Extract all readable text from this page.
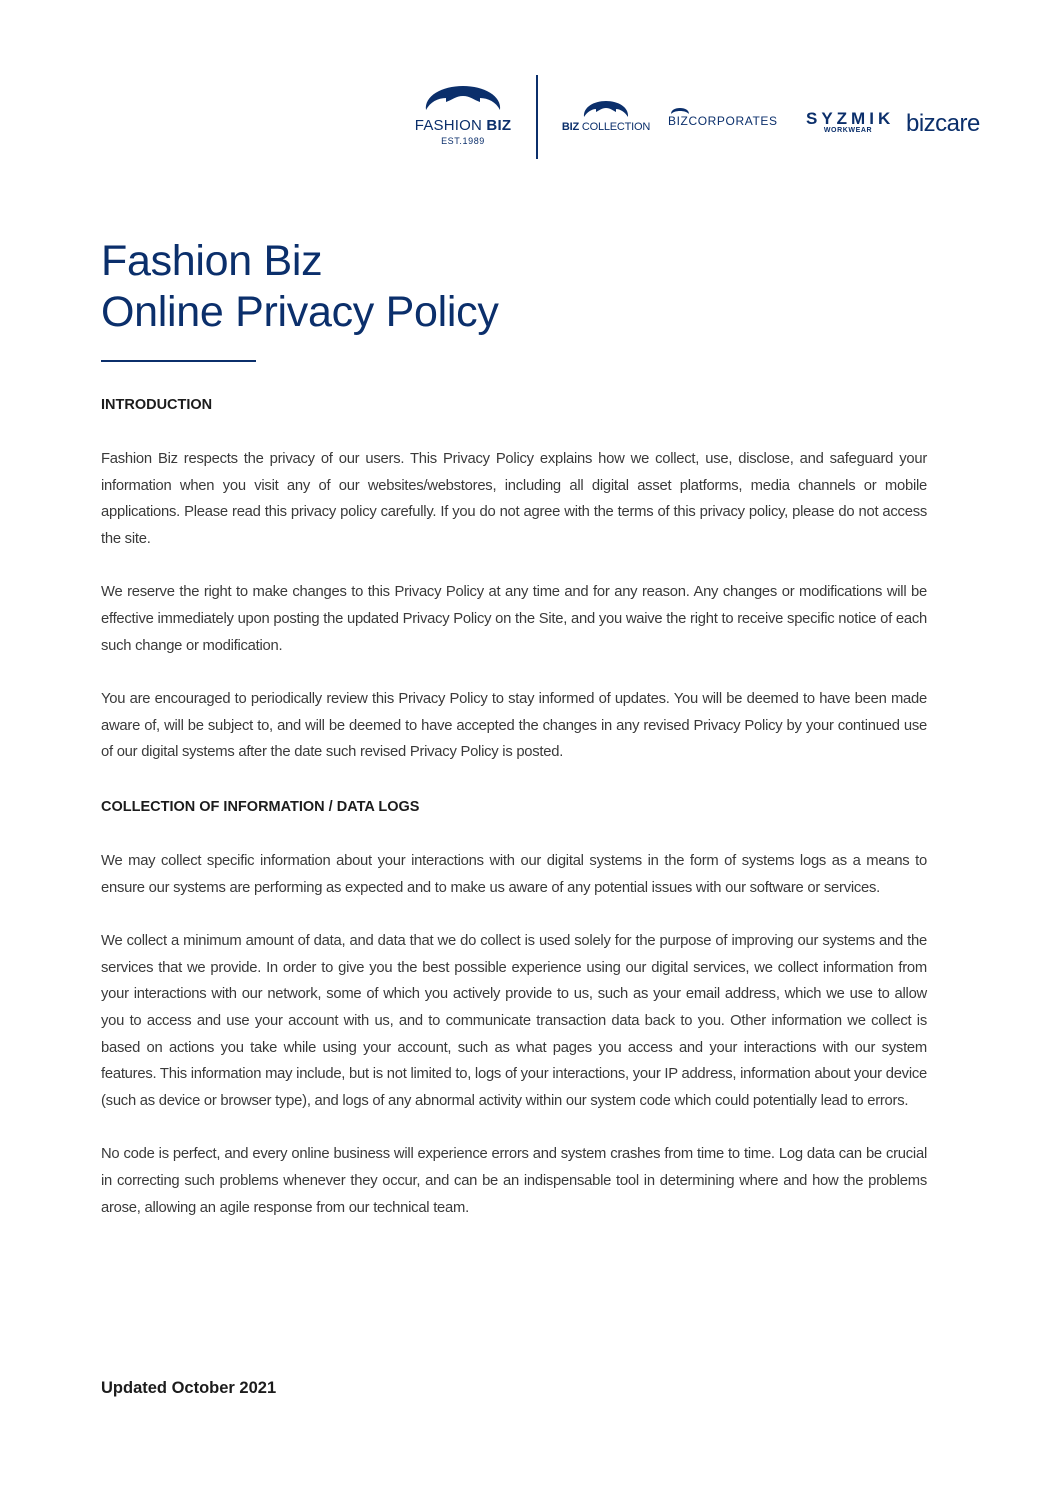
FASHION BIZ
EST.1989
BIZ COLLECTION BIZCORPORATES SYZMIK
WORKWEAR	bizcare
Fashion Biz
Online Privacy Policy
INTRODUCTION

Fashion Biz respects the privacy of our users. This Privacy Policy explains how we collect, use, disclose, and safeguard your information when you visit any of our websites/webstores, including all digital asset platforms, media channels or mobile applications. Please read this privacy policy carefully. If you do not agree with the terms of this privacy policy, please do not access the site.

We reserve the right to make changes to this Privacy Policy at any time and for any reason. Any changes or modifications will be effective immediately upon posting the updated Privacy Policy on the Site, and you waive the right to receive specific notice of each such change or modification.

You are encouraged to periodically review this Privacy Policy to stay informed of updates. You will be deemed to have been made aware of, will be subject to, and will be deemed to have accepted the changes in any revised Privacy Policy by your continued use of our digital systems after the date such revised Privacy Policy is posted.

COLLECTION OF INFORMATION / DATA LOGS

We may collect specific information about your interactions with our digital systems in the form of systems logs as a means to ensure our systems are performing as expected and to make us aware of any potential issues with our software or services.

We collect a minimum amount of data, and data that we do collect is used solely for the purpose of improving our systems and the services that we provide. In order to give you the best possible experience using our digital services, we collect information from your interactions with our network, some of which you actively provide to us, such as your email address, which we use to allow you to access and use your account with us, and to communicate transaction data back to you. Other information we collect is based on actions you take while using your account, such as what pages you access and your interactions with our system features. This information may include, but is not limited to, logs of your interactions, your IP address, information about your device (such as device or browser type), and logs of any abnormal activity within our system code which could potentially lead to errors.

No code is perfect, and every online business will experience errors and system crashes from time to time. Log data can be crucial in correcting such problems whenever they occur, and can be an indispensable tool in determining where and how the problems arose, allowing an agile response from our technical team.

Updated October 2021
